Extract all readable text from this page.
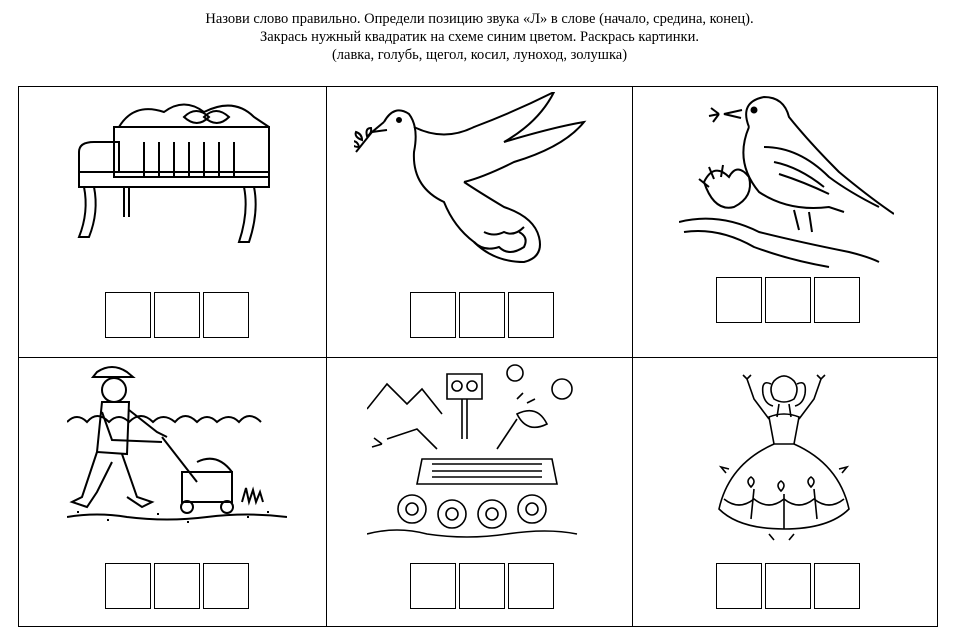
Назови слово правильно. Определи позицию звука «Л» в слове (начало, средина, конец).
Закрась нужный квадратик на схеме синим цветом. Раскрась картинки.
(лавка, голубь, щегол, косил, луноход, золушка)
